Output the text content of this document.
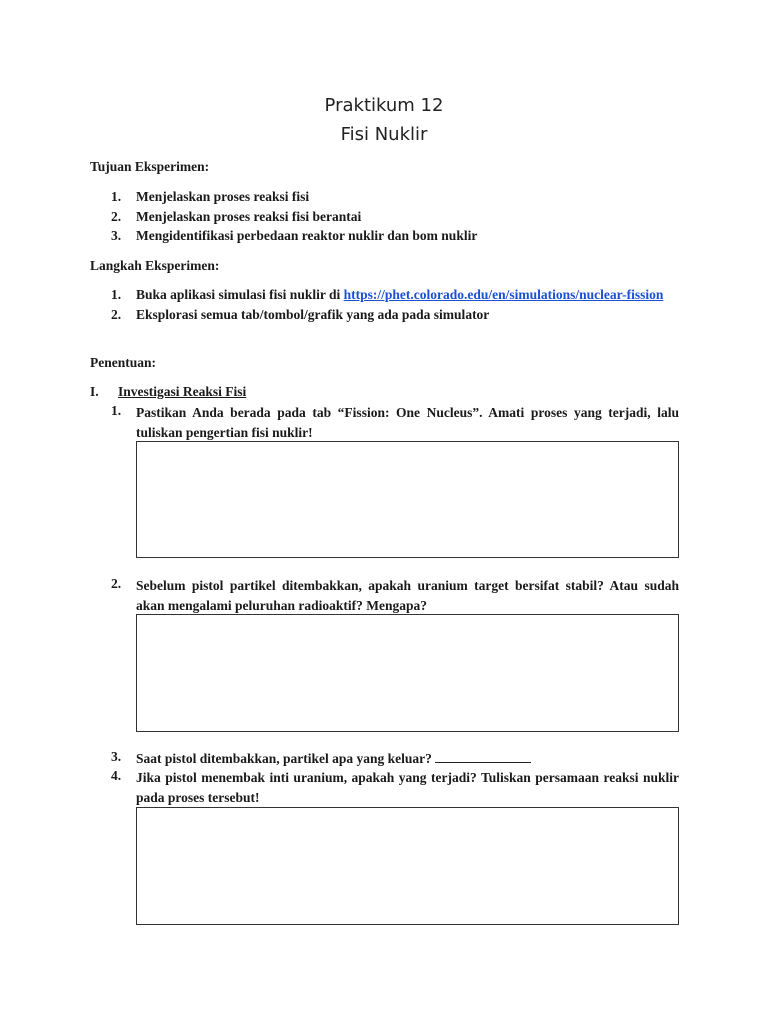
Praktikum 12
Fisi Nuklir
Tujuan Eksperimen:
1. Menjelaskan proses reaksi fisi
2. Menjelaskan proses reaksi fisi berantai
3. Mengidentifikasi perbedaan reaktor nuklir dan bom nuklir
Langkah Eksperimen:
1. Buka aplikasi simulasi fisi nuklir di https://phet.colorado.edu/en/simulations/nuclear-fission
2. Eksplorasi semua tab/tombol/grafik yang ada pada simulator
Penentuan:
I. Investigasi Reaksi Fisi
1. Pastikan Anda berada pada tab “Fission: One Nucleus”. Amati proses yang terjadi, lalu tuliskan pengertian fisi nuklir!
2. Sebelum pistol partikel ditembakkan, apakah uranium target bersifat stabil? Atau sudah akan mengalami peluruhan radioaktif? Mengapa?
3. Saat pistol ditembakkan, partikel apa yang keluar?
4. Jika pistol menembak inti uranium, apakah yang terjadi? Tuliskan persamaan reaksi nuklir pada proses tersebut!
